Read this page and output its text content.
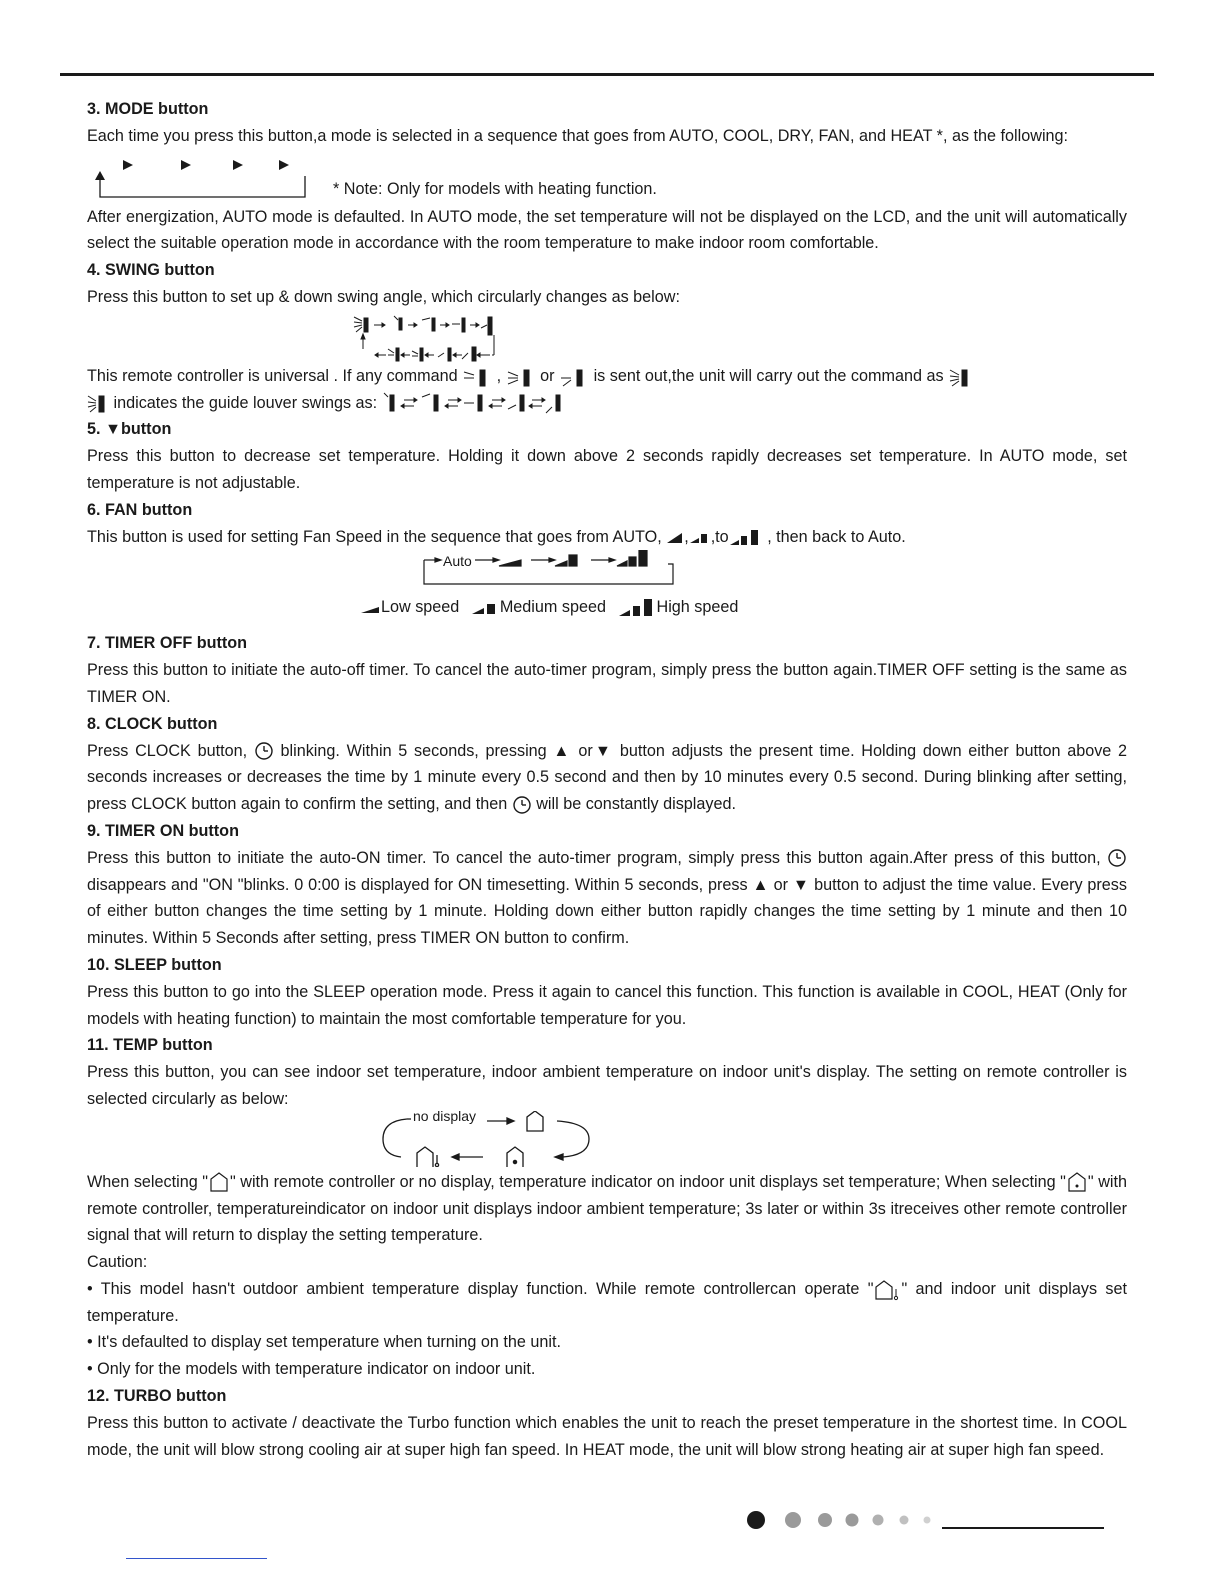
3. MODE button
Each time you press this button,a mode is selected in a sequence that goes from AUTO, COOL, DRY, FAN, and HEAT *, as the following:
* Note: Only for models with heating function.
After energization, AUTO mode is defaulted. In AUTO mode, the set temperature will not be displayed on the LCD, and the unit will automatically select the suitable operation mode in accordance with the room temperature to make indoor room comfortable.
4. SWING button
Press this button to set up & down swing angle, which circularly changes as below:
This remote controller is universal . If any command , or is sent out,the unit will carry out the command as
indicates the guide louver swings as:
5. ▼button
Press this button to decrease set temperature. Holding it down above 2 seconds rapidly decreases set temperature. In AUTO mode, set temperature is not adjustable.
6. FAN button
This button is used for setting Fan Speed in the sequence that goes from AUTO, , ,to , then back to Auto.
Auto
Low speed	Medium speed	High speed
7. TIMER OFF button
Press this button to initiate the auto-off timer. To cancel the auto-timer program, simply press the button again.TIMER OFF setting is the same as TIMER ON.
8. CLOCK button
Press CLOCK button, blinking. Within 5 seconds, pressing ▲ or▼ button adjusts the present time. Holding down either button above 2 seconds increases or decreases the time by 1 minute every 0.5 second and then by 10 minutes every 0.5 second. During blinking after setting, press CLOCK button again to confirm the setting, and then will be constantly displayed.
9. TIMER ON button
Press this button to initiate the auto-ON timer. To cancel the auto-timer program, simply press this button again.After press of this button,  disappears and "ON "blinks. 0 0:00 is displayed for ON timesetting. Within 5 seconds, press ▲ or ▼ button to adjust the time value. Every press of either button changes the time setting by 1 minute. Holding down either button rapidly changes the time setting by 1 minute and then 10 minutes. Within 5 Seconds after setting, press TIMER ON button to confirm.
10. SLEEP button
Press this button to go into the SLEEP operation mode. Press it again to cancel this function. This function is available in COOL, HEAT (Only for models with heating function) to maintain the most comfortable temperature for you.
11. TEMP button
Press this button, you can see indoor set temperature, indoor ambient temperature on indoor unit's display. The setting on remote controller is selected circularly as below:
no display
When selecting " " with remote controller or no display, temperature indicator on indoor unit displays set temperature; When selecting " " with remote controller, temperatureindicator on indoor unit displays indoor ambient temperature; 3s later or within 3s itreceives other remote controller signal that will return to display the setting temperature.
Caution:
• This model hasn't outdoor ambient temperature display function. While remote controllercan operate " " and indoor unit displays set temperature.
• It's defaulted to display set temperature when turning on the unit.
• Only for the models with temperature indicator on indoor unit.
12. TURBO button
Press this button to activate / deactivate the Turbo function which enables the unit to reach the preset temperature in the shortest time. In COOL mode, the unit will blow strong cooling air at super high fan speed. In HEAT mode, the unit will blow strong heating air at super high fan speed.
